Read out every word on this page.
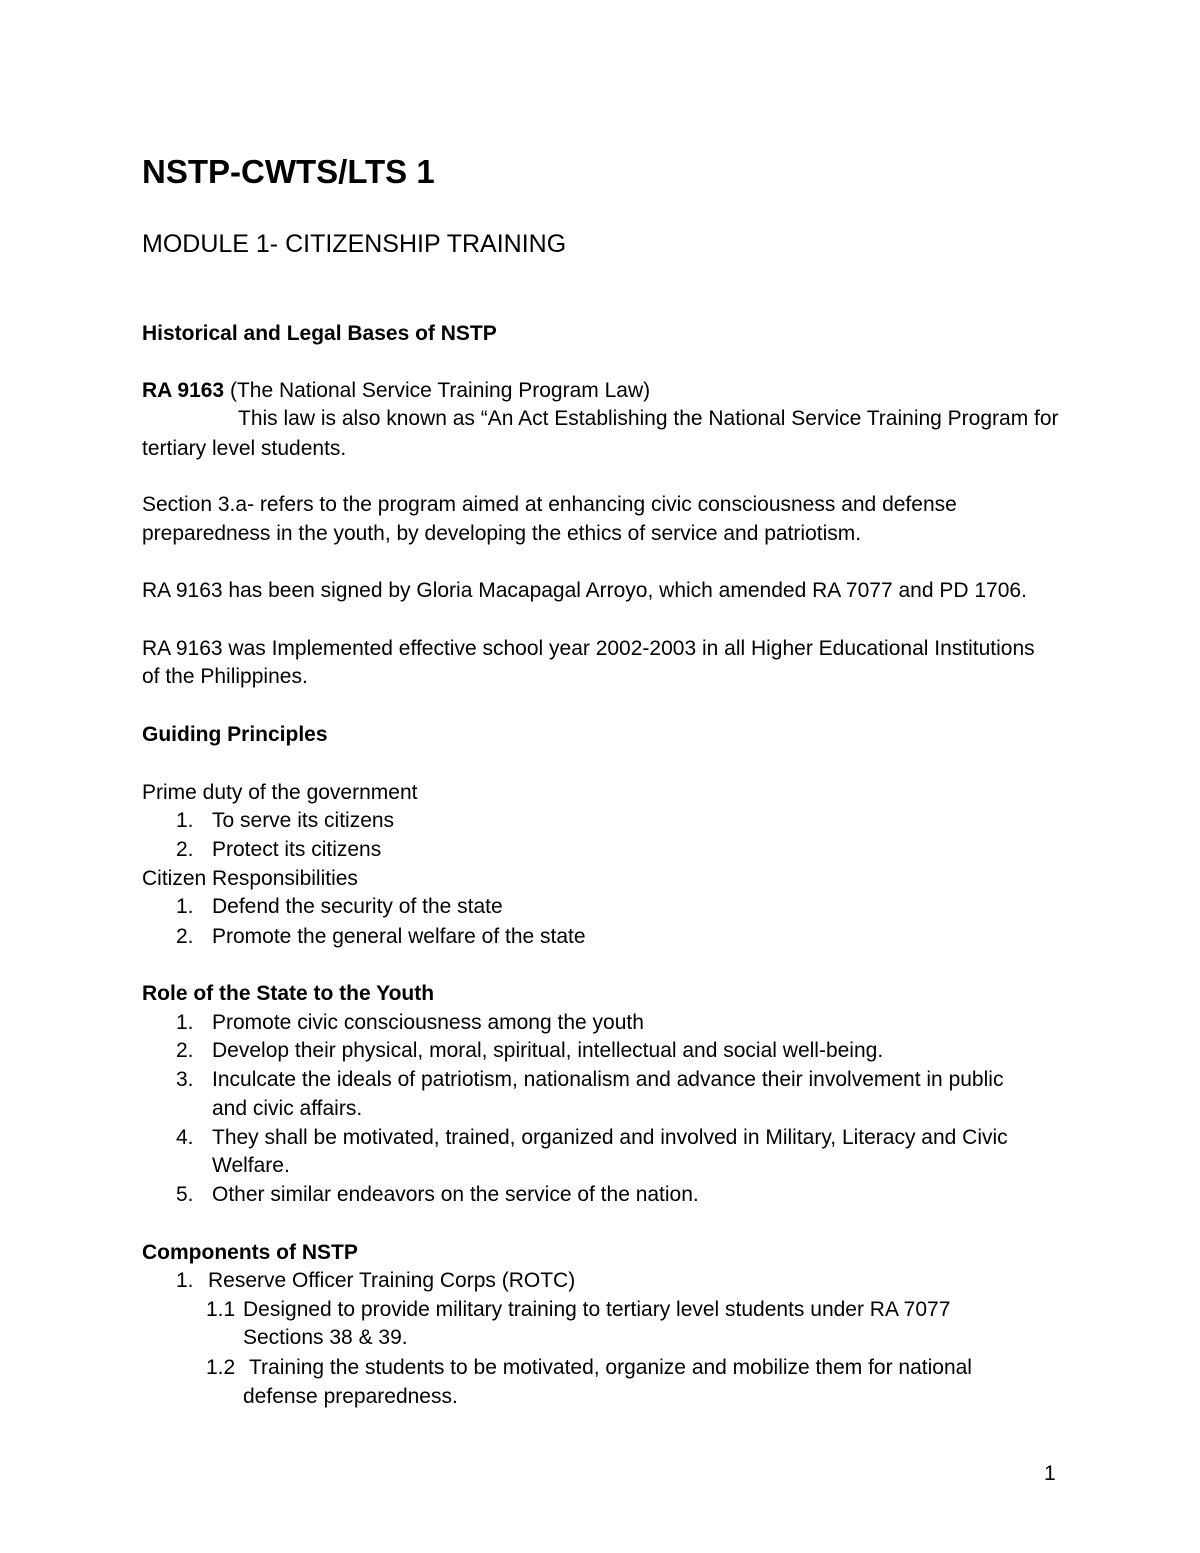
NSTP-CWTS/LTS 1
MODULE 1- CITIZENSHIP TRAINING
Historical and Legal Bases of NSTP
RA 9163 (The National Service Training Program Law)
This law is also known as “An Act Establishing the National Service Training Program for
tertiary level students.
Section 3.a- refers to the program aimed at enhancing civic consciousness and defense
preparedness in the youth, by developing the ethics of service and patriotism.
RA 9163 has been signed by Gloria Macapagal Arroyo, which amended RA 7077 and PD 1706.
RA 9163 was Implemented effective school year 2002-2003 in all Higher Educational Institutions
of the Philippines.
Guiding Principles
Prime duty of the government
1. To serve its citizens
2. Protect its citizens
Citizen Responsibilities
1. Defend the security of the state
2. Promote the general welfare of the state
Role of the State to the Youth
1. Promote civic consciousness among the youth
2. Develop their physical, moral, spiritual, intellectual and social well-being.
3. Inculcate the ideals of patriotism, nationalism and advance their involvement in public
and civic affairs.
4. They shall be motivated, trained, organized and involved in Military, Literacy and Civic
Welfare.
5. Other similar endeavors on the service of the nation.
Components of NSTP
1. Reserve Officer Training Corps (ROTC)
1.1 Designed to provide military training to tertiary level students under RA 7077
Sections 38 & 39.
1.2 Training the students to be motivated, organize and mobilize them for national
defense preparedness.
1
